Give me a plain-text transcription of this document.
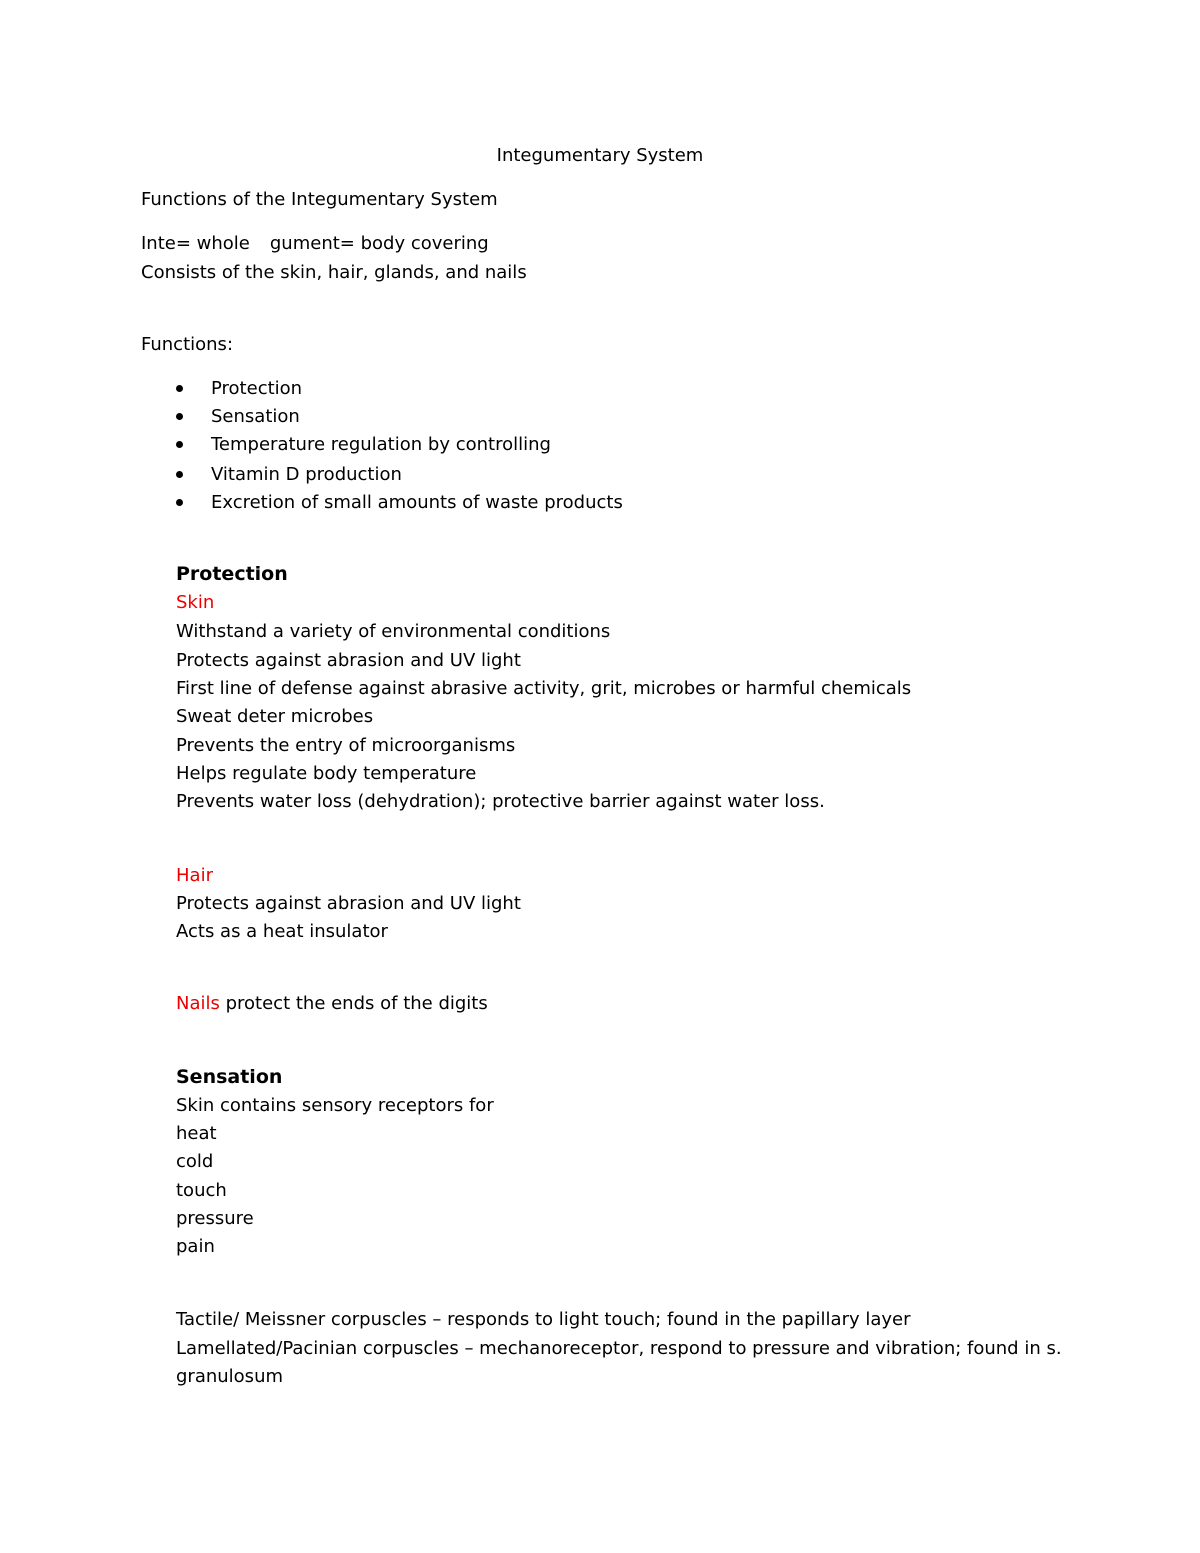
Integumentary System
Functions of the Integumentary System
Inte= whole gument= body covering
Consists of the skin, hair, glands, and nails
Functions:
Protection
Sensation
Temperature regulation by controlling
Vitamin D production
Excretion of small amounts of waste products
Protection
Skin
Withstand a variety of environmental conditions
Protects against abrasion and UV light
First line of defense against abrasive activity, grit, microbes or harmful chemicals
Sweat deter microbes
Prevents the entry of microorganisms
Helps regulate body temperature
Prevents water loss (dehydration); protective barrier against water loss.
Hair
Protects against abrasion and UV light
Acts as a heat insulator
Nails protect the ends of the digits
Sensation
Skin contains sensory receptors for
heat
cold
touch
pressure
pain
Tactile/ Meissner corpuscles – responds to light touch; found in the papillary layer
Lamellated/Pacinian corpuscles – mechanoreceptor, respond to pressure and vibration; found in s.
granulosum
